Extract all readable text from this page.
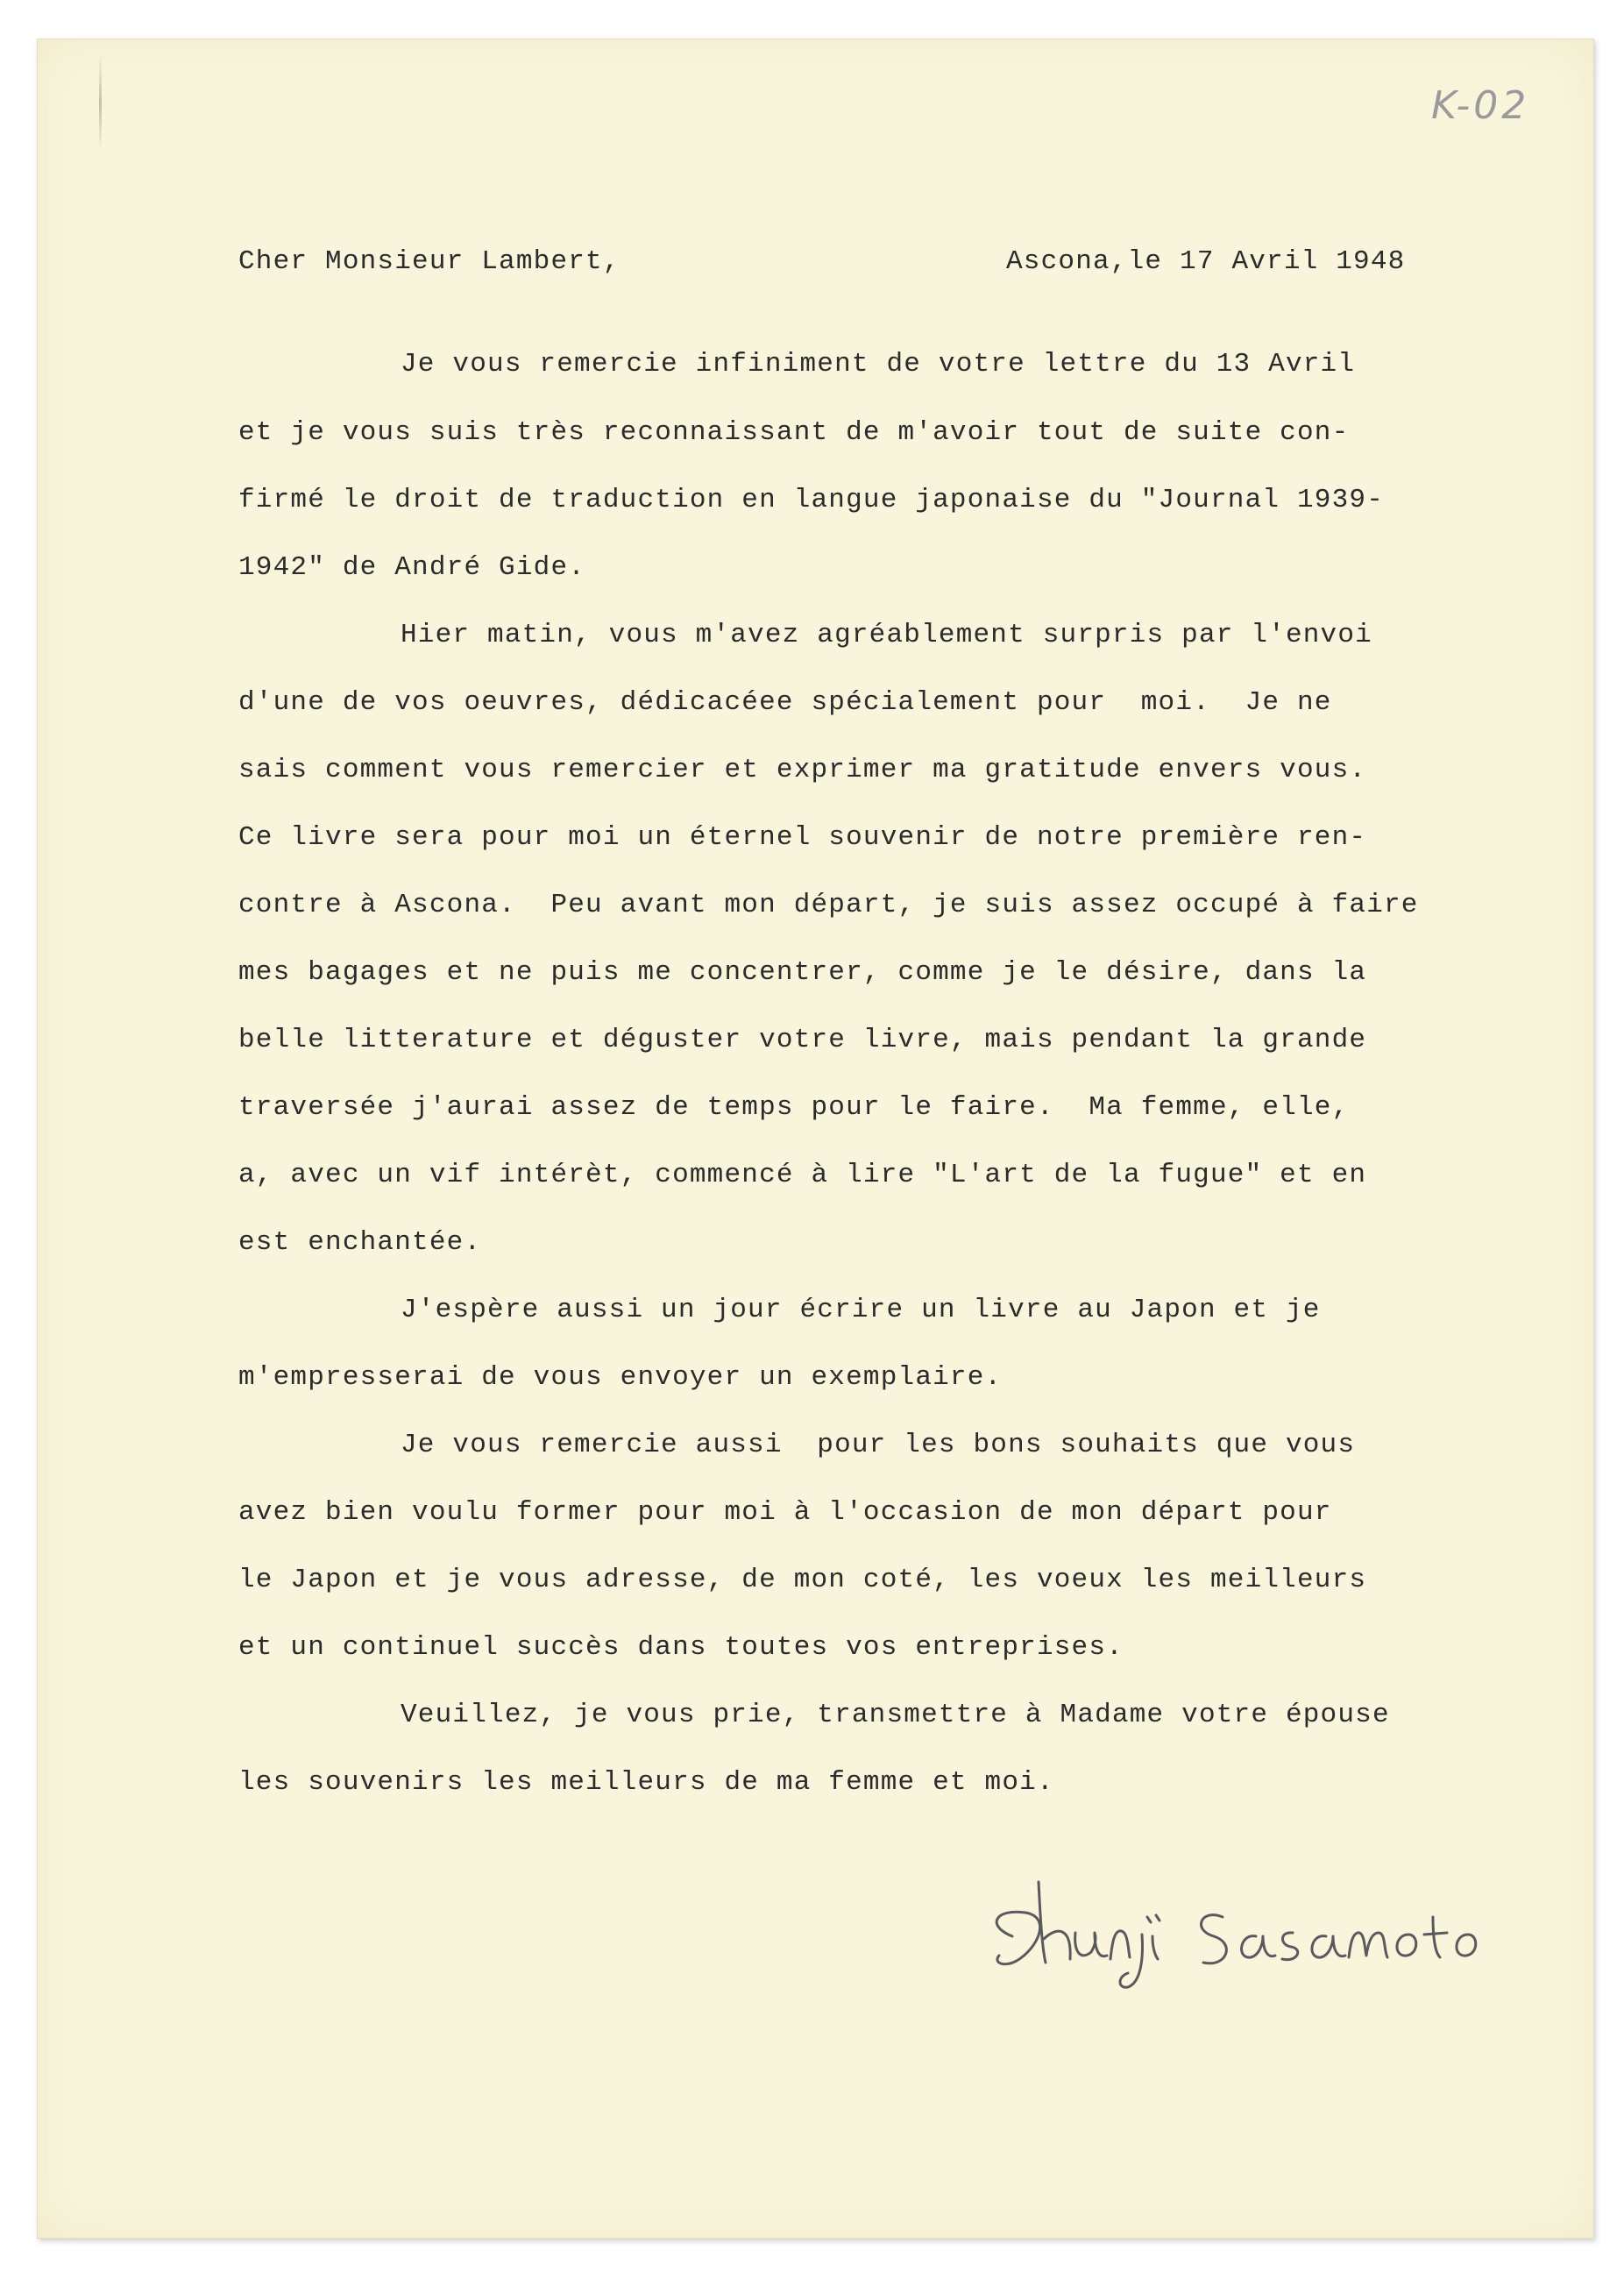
K-02

Cher Monsieur Lambert,	Ascona,le 17 Avril 1948

Je vous remercie infiniment de votre lettre du 13 Avril

et je vous suis très reconnaissant de m'avoir tout de suite con-

firmé le droit de traduction en langue japonaise du "Journal 1939-

1942" de André Gide.

Hier matin, vous m'avez agréablement surpris par l'envoi

d'une de vos oeuvres, dédicacéee spécialement pour  moi.  Je ne

sais comment vous remercier et exprimer ma gratitude envers vous.

Ce livre sera pour moi un éternel souvenir de notre première ren-

contre à Ascona.  Peu avant mon départ, je suis assez occupé à faire

mes bagages et ne puis me concentrer, comme je le désire, dans la

belle litterature et déguster votre livre, mais pendant la grande

traversée j'aurai assez de temps pour le faire.  Ma femme, elle,

a, avec un vif intérèt, commencé à lire "L'art de la fugue" et en

est enchantée.

J'espère aussi un jour écrire un livre au Japon et je

m'empresserai de vous envoyer un exemplaire.

Je vous remercie aussi  pour les bons souhaits que vous

avez bien voulu former pour moi à l'occasion de mon départ pour

le Japon et je vous adresse, de mon coté, les voeux les meilleurs

et un continuel succès dans toutes vos entreprises.

Veuillez, je vous prie, transmettre à Madame votre épouse

les souvenirs les meilleurs de ma femme et moi.
